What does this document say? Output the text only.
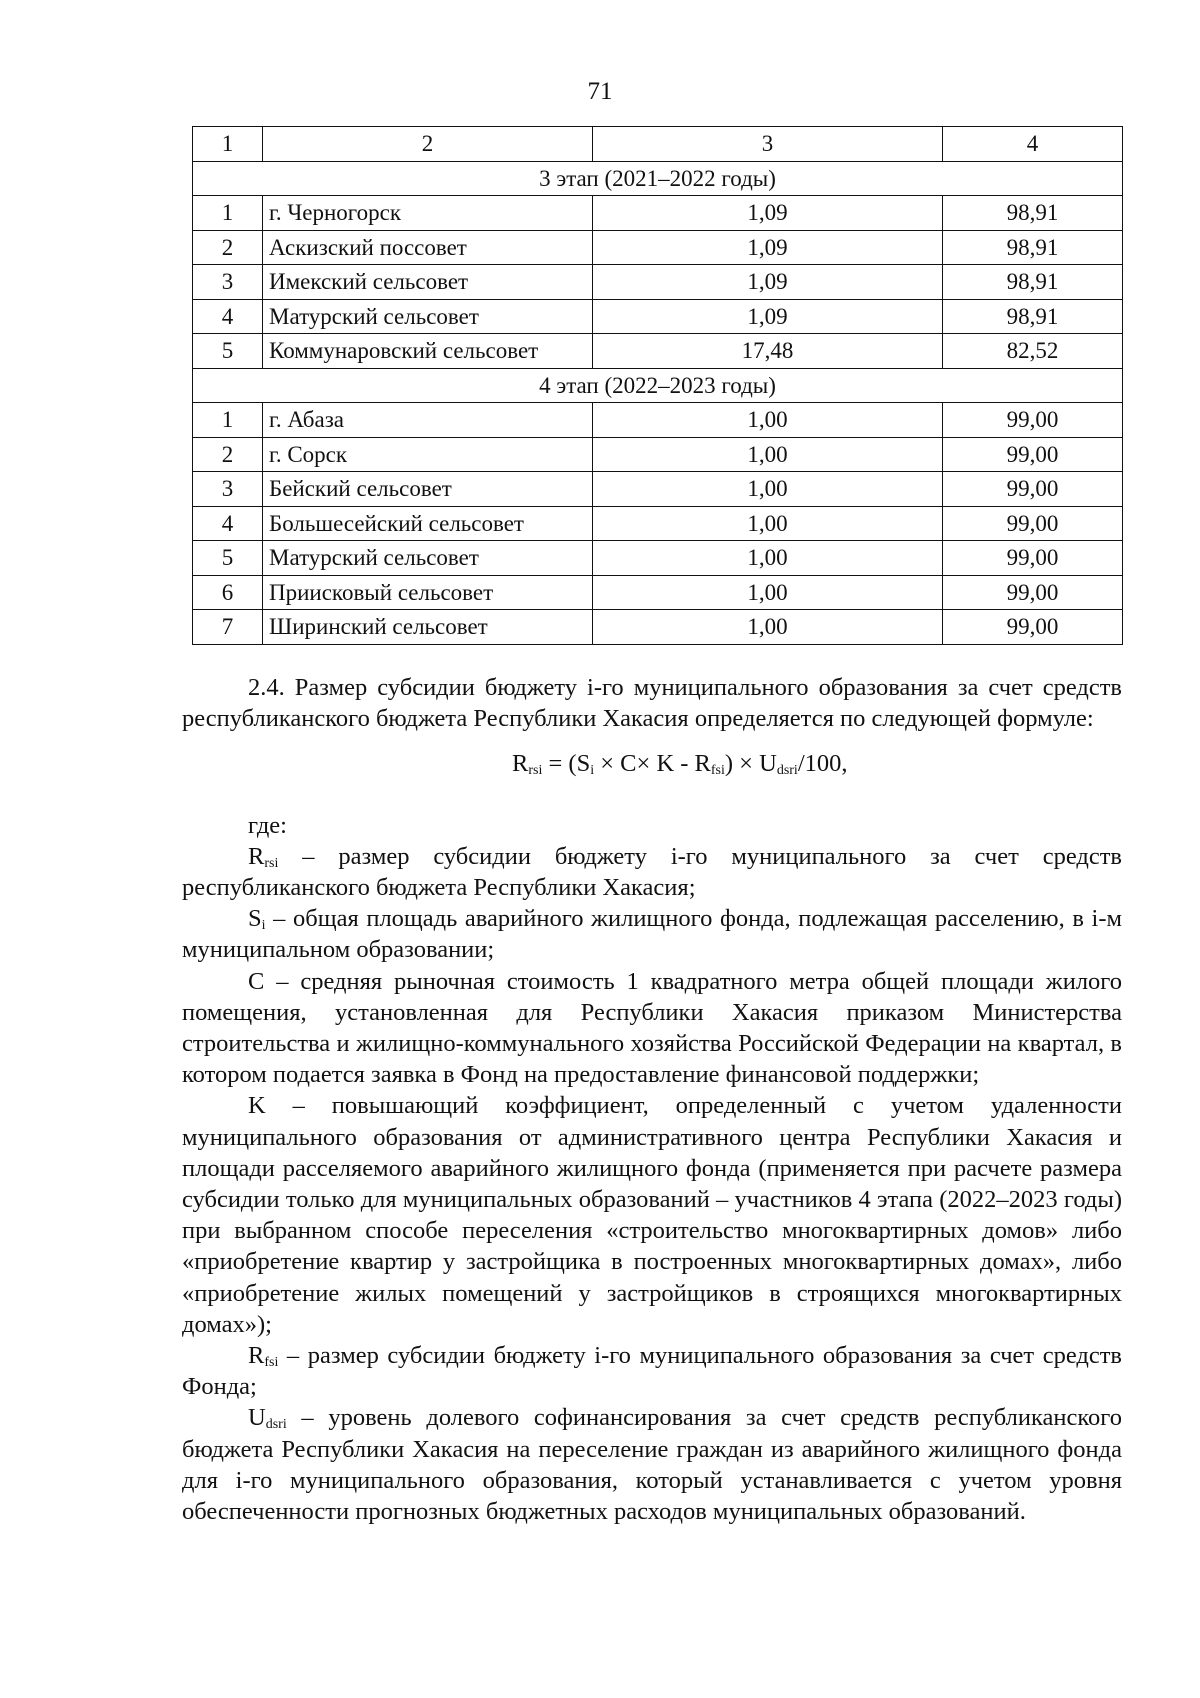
71
1	2	3	4
3 этап (2021–2022 годы)			
1	г. Черногорск	1,09	98,91
2	Аскизский поссовет	1,09	98,91
3	Имекский сельсовет	1,09	98,91
4	Матурский сельсовет	1,09	98,91
5	Коммунаровский сельсовет	17,48	82,52
4 этап (2022–2023 годы)			
1	г. Абаза	1,00	99,00
2	г. Сорск	1,00	99,00
3	Бейский сельсовет	1,00	99,00
4	Большесейский сельсовет	1,00	99,00
5	Матурский сельсовет	1,00	99,00
6	Приисковый сельсовет	1,00	99,00
7	Ширинский сельсовет	1,00	99,00

2.4. Размер субсидии бюджету i-го муниципального образования за счет средств республиканского бюджета Республики Хакасия определяется по следующей формуле:

$R_{rsi} = (S_i \times C\times K - R_{fsi}) \times U_{dsri}/100$,

где:

$R_{rsi}$ – размер субсидии бюджету i-го муниципального за счет средств республиканского бюджета Республики Хакасия;

$S_i$ – общая площадь аварийного жилищного фонда, подлежащая расселению, в i-м муниципальном образовании;

С – средняя рыночная стоимость 1 квадратного метра общей площади жилого помещения, установленная для Республики Хакасия приказом Министерства строительства и жилищно-коммунального хозяйства Российской Федерации на квартал, в котором подается заявка в Фонд на предоставление финансовой поддержки;

K – повышающий коэффициент, определенный с учетом удаленности муниципального образования от административного центра Республики Хакасия и площади расселяемого аварийного жилищного фонда (применяется при расчете размера субсидии только для муниципальных образований – участников 4 этапа (2022–2023 годы) при выбранном способе переселения «строительство многоквартирных домов» либо «приобретение квартир у застройщика в построенных многоквартирных домах», либо «приобретение жилых помещений у застройщиков в строящихся многоквартирных домах»);

$R_{fsi}$ – размер субсидии бюджету i-го муниципального образования за счет средств Фонда;

$U_{dsri}$ – уровень долевого софинансирования за счет средств республиканского бюджета Республики Хакасия на переселение граждан из аварийного жилищного фонда для i-го муниципального образования, который устанавливается с учетом уровня обеспеченности прогнозных бюджетных расходов муниципальных образований.
